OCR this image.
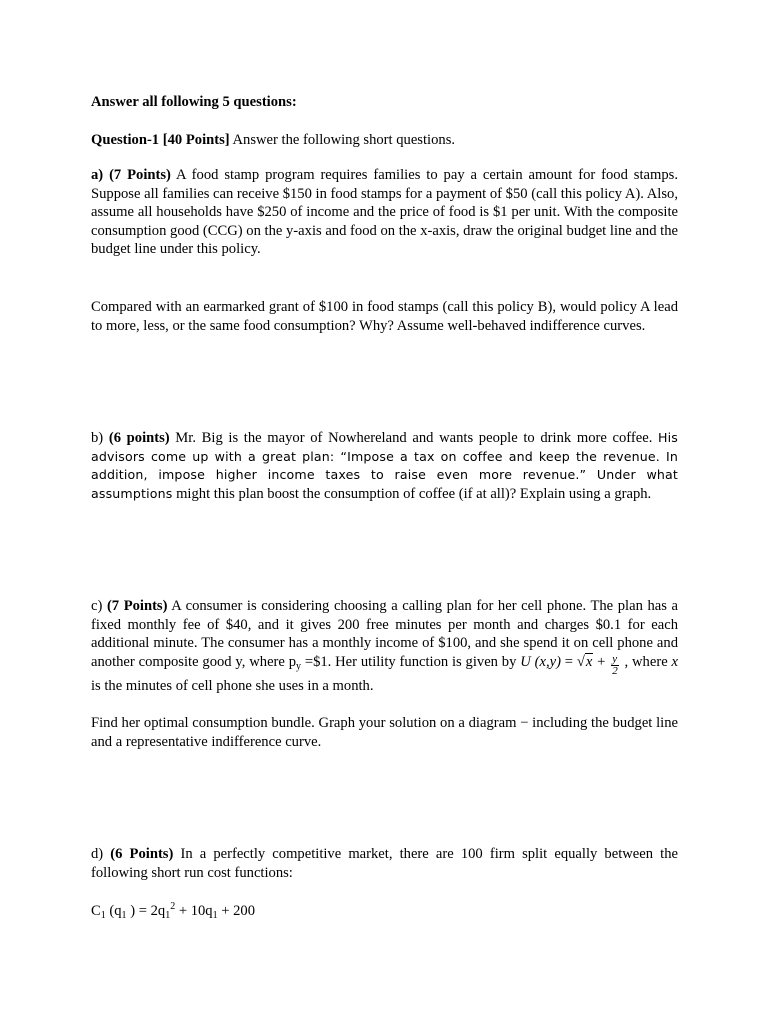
Answer all following 5 questions:
Question-1 [40 Points] Answer the following short questions.
a) (7 Points) A food stamp program requires families to pay a certain amount for food stamps. Suppose all families can receive $150 in food stamps for a payment of $50 (call this policy A). Also, assume all households have $250 of income and the price of food is $1 per unit. With the composite consumption good (CCG) on the y-axis and food on the x-axis, draw the original budget line and the budget line under this policy.
Compared with an earmarked grant of $100 in food stamps (call this policy B), would policy A lead to more, less, or the same food consumption? Why? Assume well-behaved indifference curves.
b) (6 points) Mr. Big is the mayor of Nowhereland and wants people to drink more coffee. His advisors come up with a great plan: “Impose a tax on coffee and keep the revenue. In addition, impose higher income taxes to raise even more revenue.” Under what assumptions might this plan boost the consumption of coffee (if at all)? Explain using a graph.
c) (7 Points) A consumer is considering choosing a calling plan for her cell phone. The plan has a fixed monthly fee of $40, and it gives 200 free minutes per month and charges $0.1 for each additional minute. The consumer has a monthly income of $100, and she spend it on cell phone and another composite good y, where $p_y$ =$1. Her utility function is given by U $(x,y) = √x + \frac{y}{2}$ , where x is the minutes of cell phone she uses in a month.
Find her optimal consumption bundle. Graph your solution on a diagram − including the budget line and a representative indifference curve.
d) (6 Points) In a perfectly competitive market, there are 100 firm split equally between the following short run cost functions:
$C_1$ ($q_1$ ) = $2q_1^2 + 10q_1 + 200$
